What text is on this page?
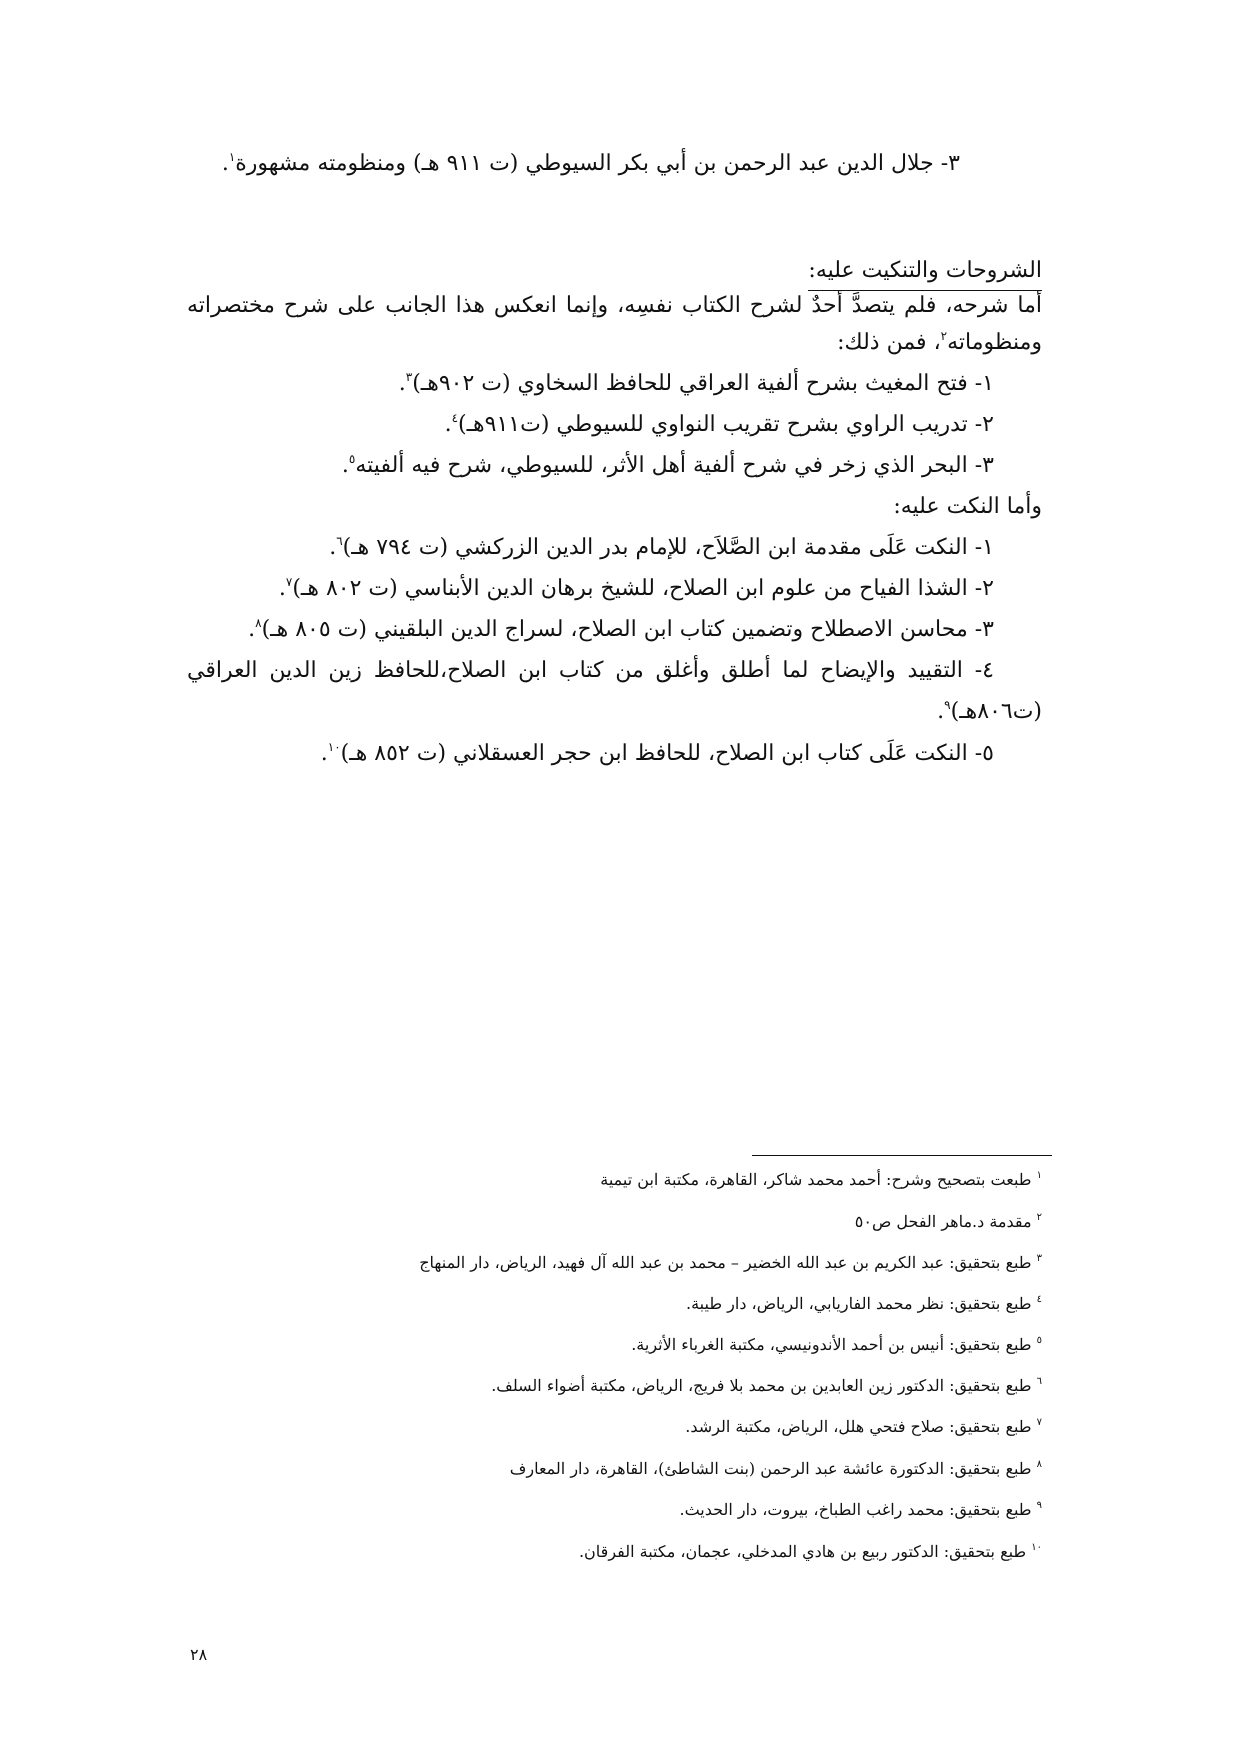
٣- جلال الدين عبد الرحمن بن أبي بكر السيوطي (ت ٩١١ هـ) ومنظومته مشهورة$^١$.
الشروحات والتنكيت عليه:
أما شرحه، فلم يتصدَّ أحدٌ لشرح الكتاب نفسِه، وإنما انعكس هذا الجانب على شرح مختصراته
ومنظوماته$^٢$، فمن ذلك:
١- فتح المغيث بشرح ألفية العراقي للحافظ السخاوي (ت ٩٠٢هـ)$^٣$.
٢- تدريب الراوي بشرح تقريب النواوي للسيوطي (ت٩١١هـ)$^٤$.
٣- البحر الذي زخر في شرح ألفية أهل الأثر، للسيوطي، شرح فيه ألفيته$^٥$.
وأما النكت عليه:
١- النكت عَلَى مقدمة ابن الصَّلاَح، للإمام بدر الدين الزركشي (ت ٧٩٤ هـ)$^٦$.
٢- الشذا الفياح من علوم ابن الصلاح، للشيخ برهان الدين الأبناسي (ت ٨٠٢ هـ)$^٧$.
٣- محاسن الاصطلاح وتضمين كتاب ابن الصلاح، لسراج الدين البلقيني (ت ٨٠٥ هـ)$^٨$.
٤- التقييد والإيضاح لما أطلق وأغلق من كتاب ابن الصلاح،للحافظ زين الدين العراقي
(ت٨٠٦هـ)$^٩$.
٥- النكت عَلَى كتاب ابن الصلاح، للحافظ ابن حجر العسقلاني (ت ٨٥٢ هـ)$^{١٠}$.
$^١$ طبعت بتصحيح وشرح: أحمد محمد شاكر، القاهرة، مكتبة ابن تيمية
$^٢$ مقدمة د.ماهر الفحل ص٥٠
$^٣$ طبع بتحقيق: عبد الكريم بن عبد الله الخضير – محمد بن عبد الله آل فهيد، الرياض، دار المنهاج
$^٤$ طبع بتحقيق: نظر محمد الفاريابي، الرياض، دار طيبة.
$^٥$ طبع بتحقيق: أنيس بن أحمد الأندونيسي، مكتبة الغرباء الأثرية.
$^٦$ طبع بتحقيق: الدكتور زين العابدين بن محمد بلا فريج، الرياض، مكتبة أضواء السلف.
$^٧$ طبع بتحقيق: صلاح فتحي هلل، الرياض، مكتبة الرشد.
$^٨$ طبع بتحقيق: الدكتورة عائشة عبد الرحمن (بنت الشاطئ)، القاهرة، دار المعارف
$^٩$ طبع بتحقيق: محمد راغب الطباخ، بيروت، دار الحديث.
$^{١٠}$ طبع بتحقيق: الدكتور ربيع بن هادي المدخلي، عجمان، مكتبة الفرقان.
٢٨
